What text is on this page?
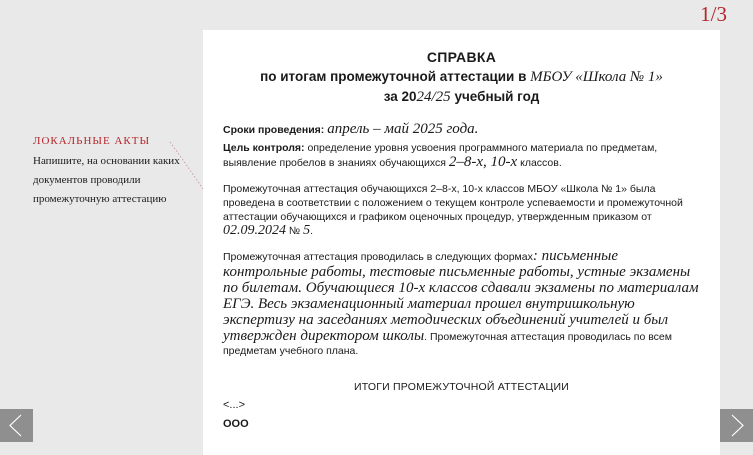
1/3
ЛОКАЛЬНЫЕ АКТЫ
Напишите, на основании каких документов проводили промежуточную аттестацию
СПРАВКА
по итогам промежуточной аттестации в МБОУ «Школа № 1»
за 2024/25 учебный год
Сроки проведения: апрель – май 2025 года.
Цель контроля: определение уровня усвоения программного материала по предметам, выявление пробелов в знаниях обучающихся 2–8-х, 10-х классов.
Промежуточная аттестация обучающихся 2–8-х, 10-х классов МБОУ «Школа № 1» была проведена в соответствии с положением о текущем контроле успеваемости и промежуточной аттестации обучающихся и графиком оценочных процедур, утвержденным приказом от 02.09.2024 № 5.
Промежуточная аттестация проводилась в следующих формах: письменные контрольные работы, тестовые письменные работы, устные экзамены по билетам. Обучающиеся 10-х классов сдавали экзамены по материалам ЕГЭ. Весь экзаменационный материал прошел внутришкольную экспертизу на заседаниях методических объединений учителей и был утвержден директором школы. Промежуточная аттестация проводилась по всем предметам учебного плана.
ИТОГИ ПРОМЕЖУТОЧНОЙ АТТЕСТАЦИИ
<...>
ООО
